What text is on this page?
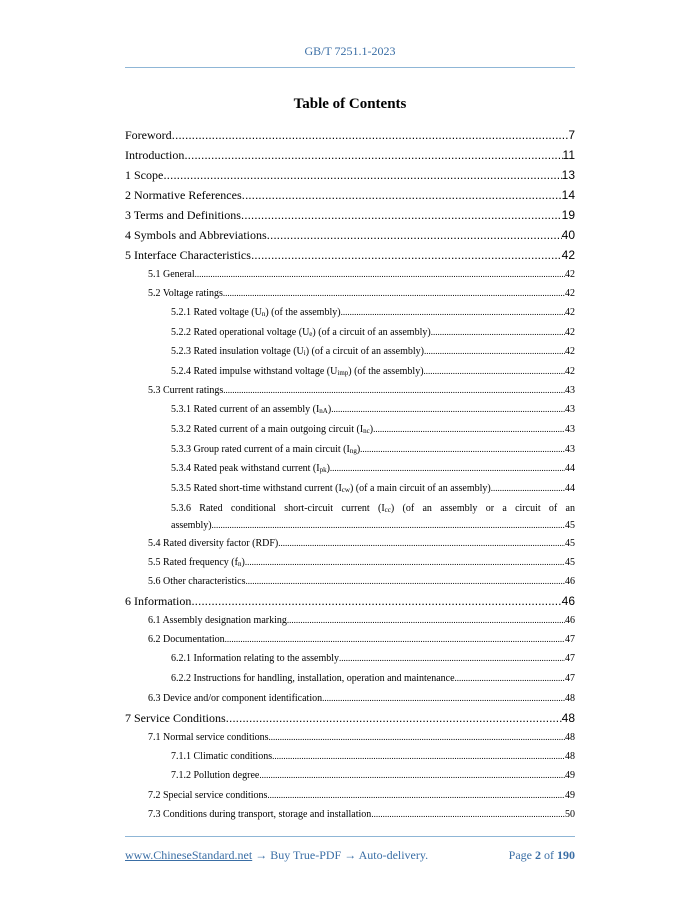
GB/T 7251.1-2023
Table of Contents
Foreword .....	7
Introduction .....	11
1 Scope .....	13
2 Normative References .....	14
3 Terms and Definitions .....	19
4 Symbols and Abbreviations .....	40
5 Interface Characteristics .....	42
5.1 General .....	42
5.2 Voltage ratings .....	42
5.2.1 Rated voltage $(U_n)$ (of the assembly) .....	42
5.2.2 Rated operational voltage $(U_e)$ (of a circuit of an assembly) .....	42
5.2.3 Rated insulation voltage $(U_i)$ (of a circuit of an assembly) .....	42
5.2.4 Rated impulse withstand voltage $(U_{imp})$ (of the assembly) .....	42
5.3 Current ratings .....	43
5.3.1 Rated current of an assembly $(I_{nA})$ .....	43
5.3.2 Rated current of a main outgoing circuit $(I_{nc})$ .....	43
5.3.3 Group rated current of a main circuit $(I_{ng})$ .....	43
5.3.4 Rated peak withstand current $(I_{pk})$ .....	44
5.3.5 Rated short-time withstand current $(I_{cw})$ (of a main circuit of an assembly) .....	44
5.3.6 Rated conditional short-circuit current $(I_{cc})$ (of an assembly or a circuit of an
assembly) .....	45
5.4 Rated diversity factor (RDF) .....	45
5.5 Rated frequency $(f_n)$ .....	45
5.6 Other characteristics .....	46
6 Information .....	46
6.1 Assembly designation marking .....	46
6.2 Documentation .....	47
6.2.1 Information relating to the assembly .....	47
6.2.2 Instructions for handling, installation, operation and maintenance .....	47
6.3 Device and/or component identification .....	48
7 Service Conditions .....	48
7.1 Normal service conditions .....	48
7.1.1 Climatic conditions .....	48
7.1.2 Pollution degree .....	49
7.2 Special service conditions .....	49
7.3 Conditions during transport, storage and installation .....	50
www.ChineseStandard.net → Buy True-PDF → Auto-delivery.	Page 2 of 190
